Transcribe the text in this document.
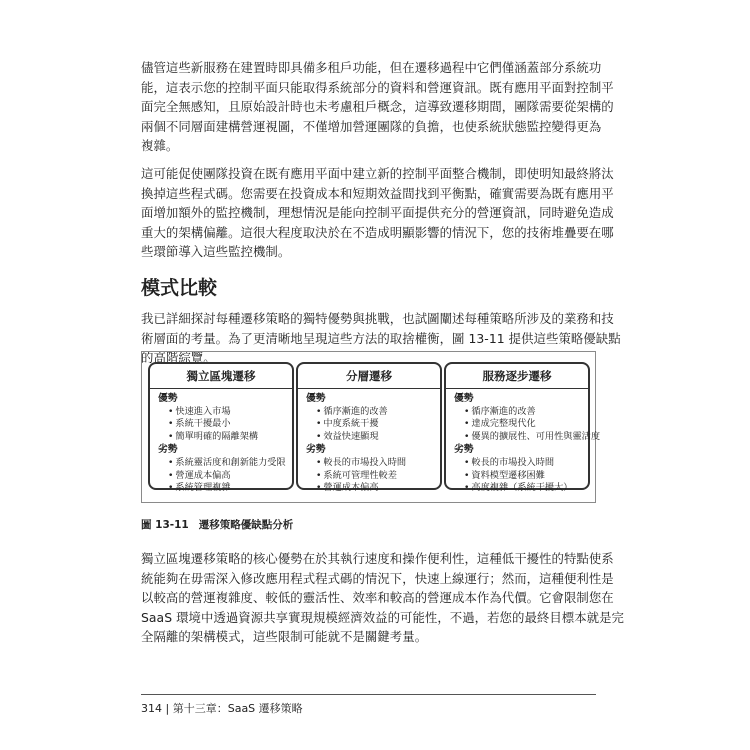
儘管這些新服務在建置時即具備多租戶功能，但在遷移過程中它們僅涵蓋部分系統功
能，這表示您的控制平面只能取得系統部分的資料和營運資訊。既有應用平面對控制平
面完全無感知，且原始設計時也未考慮租戶概念，這導致遷移期間，團隊需要從架構的
兩個不同層面建構營運視圖，不僅增加營運團隊的負擔，也使系統狀態監控變得更為
複雜。

這可能促使團隊投資在既有應用平面中建立新的控制平面整合機制，即使明知最終將汰
換掉這些程式碼。您需要在投資成本和短期效益間找到平衡點，確實需要為既有應用平
面增加額外的監控機制，理想情況是能向控制平面提供充分的營運資訊，同時避免造成
重大的架構偏離。這很大程度取決於在不造成明顯影響的情況下，您的技術堆疊要在哪
些環節導入這些監控機制。

模式比較

我已詳細探討每種遷移策略的獨特優勢與挑戰，也試圖闡述每種策略所涉及的業務和技
術層面的考量。為了更清晰地呈現這些方法的取捨權衡，圖 13-11 提供這些策略優缺點
的高階綜覽。

獨立區塊遷移
優勢
• 快速進入市場
• 系統干擾最小
• 簡單明確的隔離架構
劣勢
• 系統靈活度和創新能力受限
• 營運成本偏高
• 系統管理複雜
分層遷移
優勢
• 循序漸進的改善
• 中度系統干擾
• 效益快速顯現
劣勢
• 較長的市場投入時間
• 系統可管理性較差
• 營運成本偏高
服務逐步遷移
優勢
• 循序漸進的改善
• 達成完整現代化
• 優異的擴展性、可用性與靈活度
劣勢
• 較長的市場投入時間
• 資料模型遷移困難
• 高度複雜（系統干擾大）
圖 13-11 遷移策略優缺點分析

獨立區塊遷移策略的核心優勢在於其執行速度和操作便利性，這種低干擾性的特點使系
統能夠在毋需深入修改應用程式程式碼的情況下，快速上線運行；然而，這種便利性是
以較高的營運複雜度、較低的靈活性、效率和較高的營運成本作為代價。它會限制您在
SaaS 環境中透過資源共享實現規模經濟效益的可能性，不過，若您的最終目標本就是完
全隔離的架構模式，這些限制可能就不是關鍵考量。

314 | 第十三章：SaaS 遷移策略
